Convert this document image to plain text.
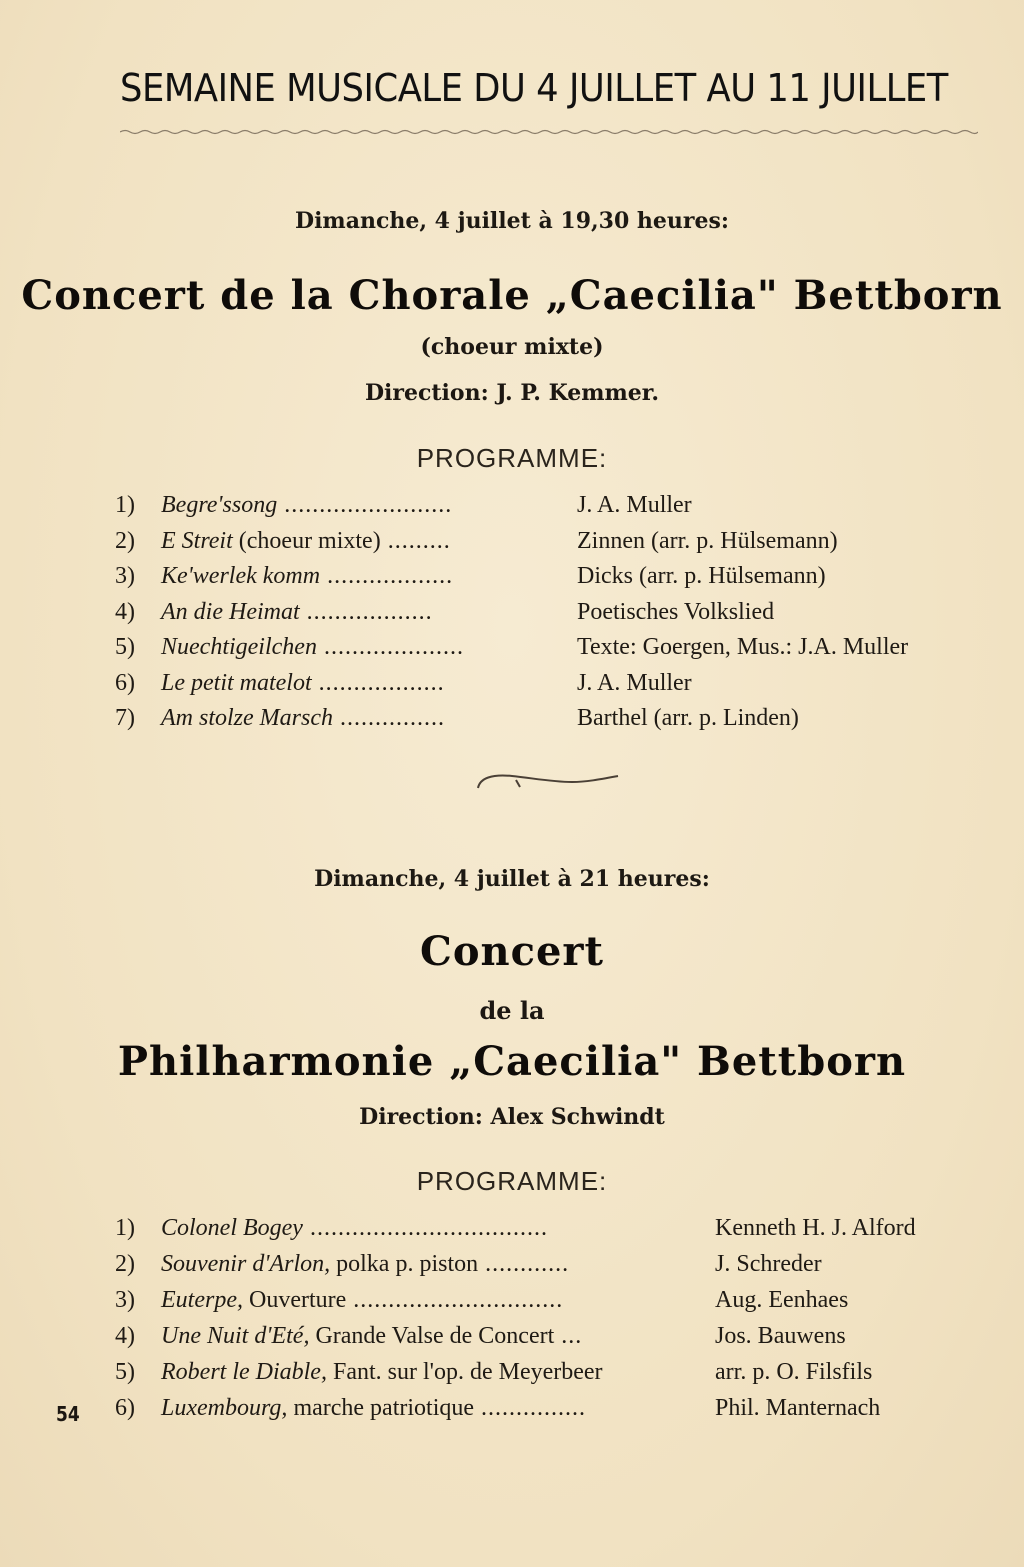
SEMAINE MUSICALE DU 4 JUILLET AU 11 JUILLET
Dimanche, 4 juillet à 19,30 heures:
Concert de la Chorale „Caecilia" Bettborn
(choeur mixte)
Direction: J. P. Kemmer.
PROGRAMME:
1) Begre'ssong ........................	J. A. Muller
2) E Streit (choeur mixte) .........	Zinnen (arr. p. Hülsemann)
3) Ke'werlek komm ..................	Dicks (arr. p. Hülsemann)
4) An die Heimat ..................	Poetisches Volkslied
5) Nuechtigeilchen ....................	Texte: Goergen, Mus.: J.A. Muller
6) Le petit matelot ..................	J. A. Muller
7) Am stolze Marsch ...............	Barthel (arr. p. Linden)
Dimanche, 4 juillet à 21 heures:
Concert
de la
Philharmonie „Caecilia" Bettborn
Direction: Alex Schwindt
PROGRAMME:
1) Colonel Bogey ..................................	Kenneth H. J. Alford
2) Souvenir d'Arlon, polka p. piston ............	J. Schreder
3) Euterpe, Ouverture ..............................	Aug. Eenhaes
4) Une Nuit d'Eté, Grande Valse de Concert ...	Jos. Bauwens
5) Robert le Diable, Fant. sur l'op. de Meyerbeer	arr. p. O. Filsfils
6) Luxembourg, marche patriotique ...............	Phil. Manternach
54
